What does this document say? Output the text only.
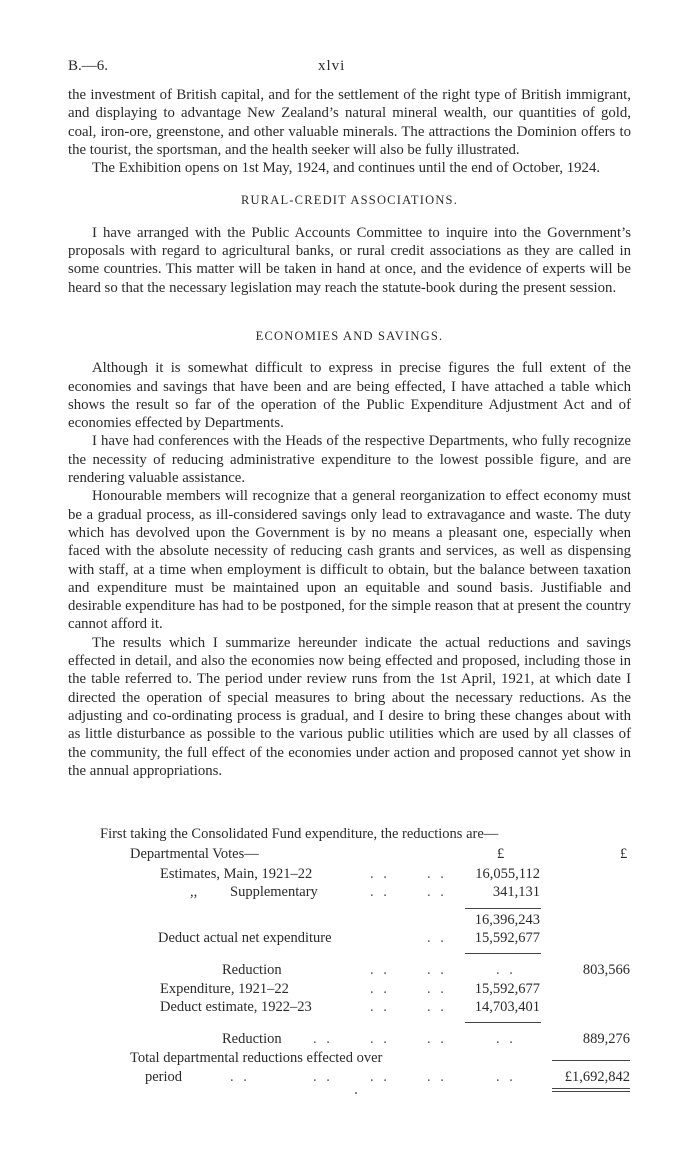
B.—6.	xlvi

the investment of British capital, and for the settlement of the right type of British immigrant, and displaying to advantage New Zealand’s natural mineral wealth, our quantities of gold, coal, iron-ore, greenstone, and other valuable minerals. The attractions the Dominion offers to the tourist, the sportsman, and the health seeker will also be fully illustrated.

The Exhibition opens on 1st May, 1924, and continues until the end of October, 1924.

RURAL-CREDIT ASSOCIATIONS.

I have arranged with the Public Accounts Committee to inquire into the Government’s proposals with regard to agricultural banks, or rural credit associations as they are called in some countries. This matter will be taken in hand at once, and the evidence of experts will be heard so that the necessary legislation may reach the statute-book during the present session.

ECONOMIES AND SAVINGS.

Although it is somewhat difficult to express in precise figures the full extent of the economies and savings that have been and are being effected, I have attached a table which shows the result so far of the operation of the Public Expenditure Adjustment Act and of economies effected by Departments.

I have had conferences with the Heads of the respective Departments, who fully recognize the necessity of reducing administrative expenditure to the lowest possible figure, and are rendering valuable assistance.

Honourable members will recognize that a general reorganization to effect economy must be a gradual process, as ill-considered savings only lead to extravagance and waste. The duty which has devolved upon the Government is by no means a pleasant one, especially when faced with the absolute necessity of reducing cash grants and services, as well as dispensing with staff, at a time when employment is difficult to obtain, but the balance between taxation and expenditure must be maintained upon an equitable and sound basis. Justifiable and desirable expenditure has had to be postponed, for the simple reason that at present the country cannot afford it.

The results which I summarize hereunder indicate the actual reductions and savings effected in detail, and also the economies now being effected and proposed, including those in the table referred to. The period under review runs from the 1st April, 1921, at which date I directed the operation of special measures to bring about the necessary reductions. As the adjusting and co-ordinating process is gradual, and I desire to bring these changes about with as little disturbance as possible to the various public utilities which are used by all classes of the community, the full effect of the economies under action and proposed cannot yet show in the annual appropriations.

First taking the Consolidated Fund expenditure, the reductions are—
Departmental Votes—	£	£
Estimates, Main, 1921–22	. .	. . 16,055,112
,, Supplementary	. .	. .	341,131
16,396,243
Deduct actual net expenditure	. . 15,592,677
Reduction	. .	. .	. .	803,566
Expenditure, 1921–22	. .	. . 15,592,677
Deduct estimate, 1922–23	. .	. . 14,703,401
Reduction . .	. .	. .	. .	889,276
Total departmental reductions effected over
period	. .	. .	. .	. .	. .	£1,692,842
